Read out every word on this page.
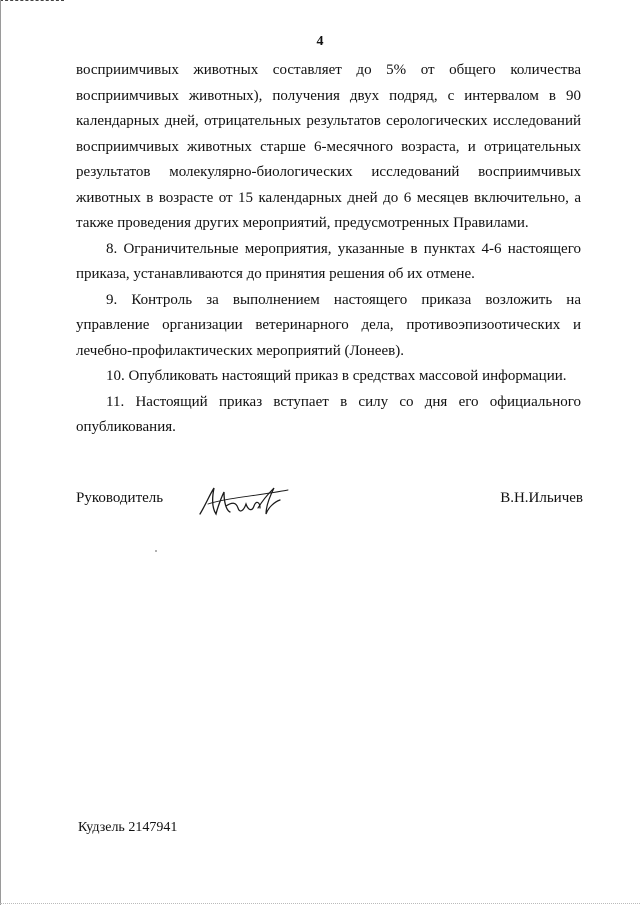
4

восприимчивых животных составляет до 5% от общего количества восприимчивых животных), получения двух подряд, с интервалом в 90 календарных дней, отрицательных результатов серологических исследований восприимчивых животных старше 6-месячного возраста, и отрицательных результатов молекулярно-биологических исследований восприимчивых животных в возрасте от 15 календарных дней до 6 месяцев включительно, а также проведения других мероприятий, предусмотренных Правилами.

8. Ограничительные мероприятия, указанные в пунктах 4-6 настоящего приказа, устанавливаются до принятия решения об их отмене.

9. Контроль за выполнением настоящего приказа возложить на управление организации ветеринарного дела, противоэпизоотических и лечебно-профилактических мероприятий (Лонеев).

10. Опубликовать настоящий приказ в средствах массовой информации.

11. Настоящий приказ вступает в силу со дня его официального опубликования.

Руководитель	В.Н.Ильичев
Кудзель 2147941
